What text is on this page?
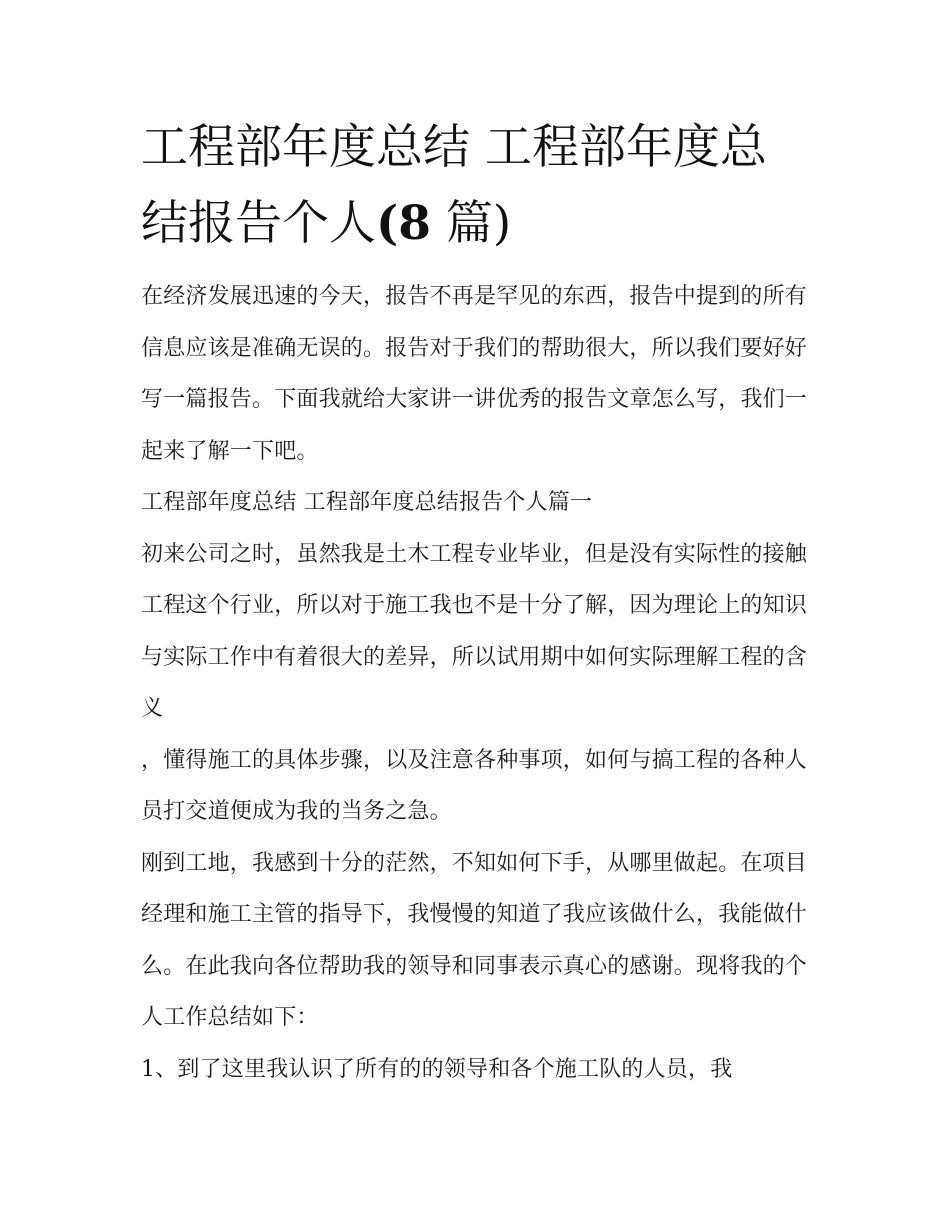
工程部年度总结 工程部年度总结报告个人(8 篇)

在经济发展迅速的今天，报告不再是罕见的东西，报告中提到的所有信息应该是准确无误的。报告对于我们的帮助很大，所以我们要好好写一篇报告。下面我就给大家讲一讲优秀的报告文章怎么写，我们一起来了解一下吧。

工程部年度总结 工程部年度总结报告个人篇一

初来公司之时，虽然我是土木工程专业毕业，但是没有实际性的接触工程这个行业，所以对于施工我也不是十分了解，因为理论上的知识与实际工作中有着很大的差异，所以试用期中如何实际理解工程的含义

，懂得施工的具体步骤，以及注意各种事项，如何与搞工程的各种人员打交道便成为我的当务之急。

刚到工地，我感到十分的茫然，不知如何下手，从哪里做起。在项目经理和施工主管的指导下，我慢慢的知道了我应该做什么，我能做什么。在此我向各位帮助我的领导和同事表示真心的感谢。现将我的个人工作总结如下：

1、到了这里我认识了所有的的领导和各个施工队的人员，我
